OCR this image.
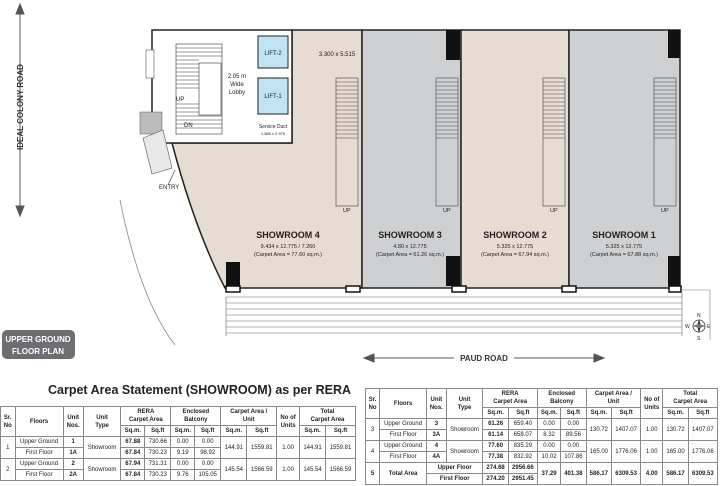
IDEAL COLONY ROAD
LIFT-2
LIFT-1
2.05 m
Wide
Lobby
Service Duct
1.585 x 0.975
UP
DN
ENTRY
3.300 x 5.515
UP	UP	UP	UP
SHOWROOM 4
9.434 x 12.775 / 7.260
(Carpet Area = 77.60 sq.m.)
SHOWROOM 3
4.80 x 12.775
(Carpet Area = 61.26 sq.m.)
SHOWROOM 2
5.325 x 12.775
(Carpet Area = 67.94 sq.m.)
SHOWROOM 1
5.325 x 12.775
(Carpet Area = 67.88 sq.m.)
N
S
E
W
PAUD ROAD
UPPER GROUND
FLOOR PLAN
Carpet Area Statement (SHOWROOM) as per RERA
Sr.
No	Floors	Unit
Nos.	Unit
Type	RERA
Carpet Area		Enclosed
Balcony		Carpet Area /
Unit		No of
Units	Total
Carpet Area	
				Sq.m.	Sq.ft	Sq.m.	Sq.ft	Sq.m.	Sq.ft		Sq.m.	Sq.ft
1	Upper Ground	1	Showroom	67.88	730.66	0.00	0.00	144.91	1559.81	1.00	144.91	1559.81
	First Floor	1A		67.84	730.23	9.19	98.92					
2	Upper Ground	2	Showroom	67.94	731.31	0.00	0.00	145.54	1566.59	1.00	145.54	1566.59
	First Floor	2A		67.84	730.23	9.76	105.05					
Sr.
No	Floors	Unit
Nos.	Unit
Type	RERA
Carpet Area		Enclosed
Balcony		Carpet Area /
Unit		No of
Units	Total
Carpet Area	
				Sq.m.	Sq.ft	Sq.m.	Sq.ft	Sq.m.	Sq.ft		Sq.m.	Sq.ft
3	Upper Ground	3	Showroom	61.26	659.40	0.00	0.00	130.72	1407.07	1.00	130.72	1407.07
	First Floor	3A		61.14	658.07	8.32	89.56					
4	Upper Ground	4	Showroom	77.60	835.29	0.00	0.00	165.00	1776.06	1.00	165.00	1776.06
	First Floor	4A		77.38	832.92	10.02	107.86					
5	Total Area	Upper Floor		274.68	2956.66	37.29	401.38	586.17	6309.53	4.00	586.17	6309.53
		First Floor		274.20	2951.45							
